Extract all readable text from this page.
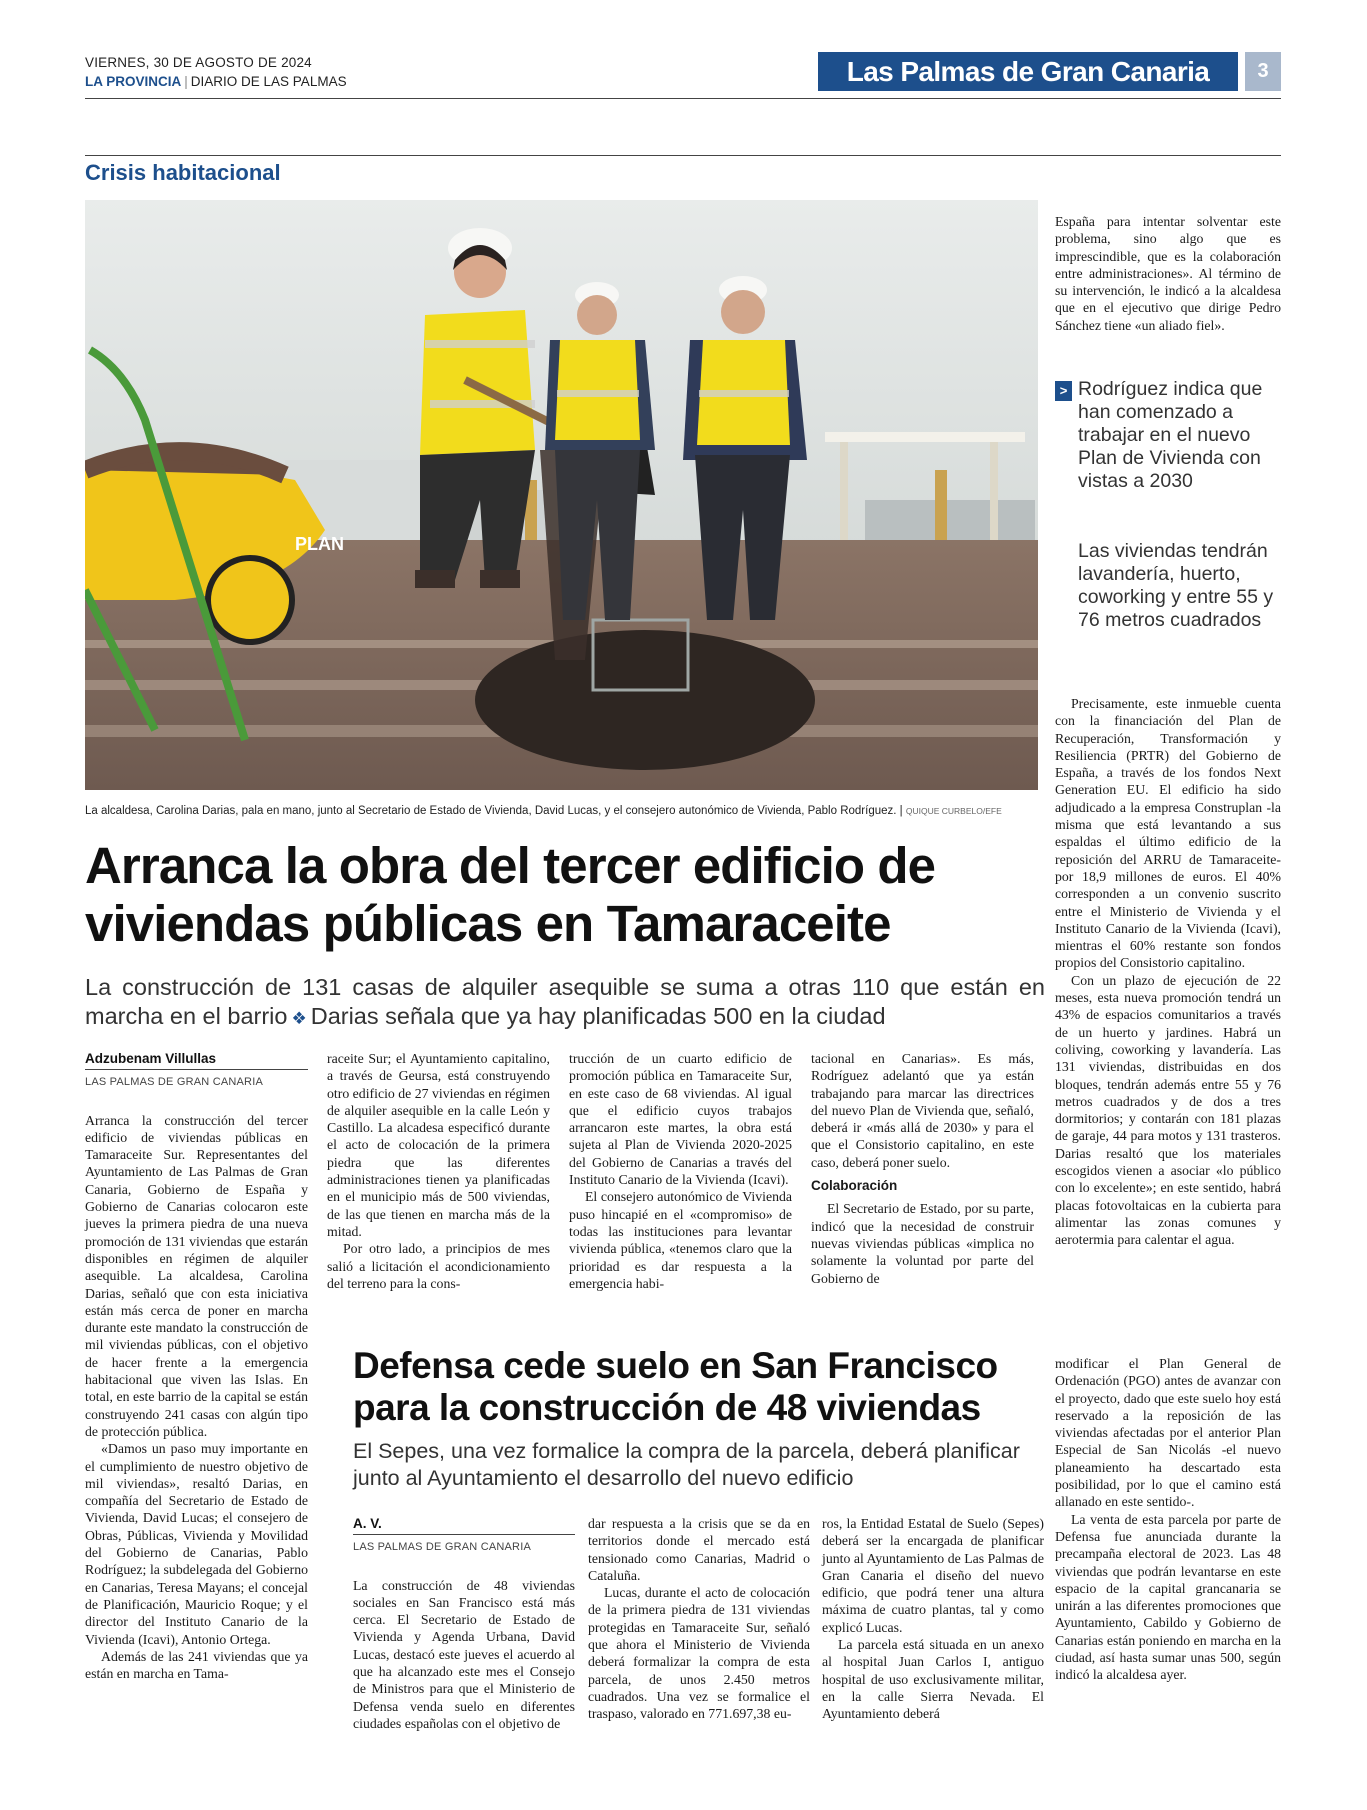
VIERNES, 30 DE AGOSTO DE 2024
LA PROVINCIA | DIARIO DE LAS PALMAS	Las Palmas de Gran Canaria	3
Crisis habitacional
PLAN
La alcaldesa, Carolina Darias, pala en mano, junto al Secretario de Estado de Vivienda, David Lucas, y el consejero autonómico de Vivienda, Pablo Rodríguez. | QUIQUE CURBELO/EFE
Arranca la obra del tercer edificio de viviendas públicas en Tamaraceite
La construcción de 131 casas de alquiler asequible se suma a otras 110 que están en marcha en el barrio ❖ Darias señala que ya hay planificadas 500 en la ciudad
Adzubenam Villullas
LAS PALMAS DE GRAN CANARIA

Arranca la construcción del tercer edificio de viviendas públicas en Tamaraceite Sur. Representantes del Ayuntamiento de Las Palmas de Gran Canaria, Gobierno de España y Gobierno de Canarias colocaron este jueves la primera piedra de una nueva promoción de 131 viviendas que estarán disponibles en régimen de alquiler asequible. La alcaldesa, Carolina Darias, señaló que con esta iniciativa están más cerca de poner en marcha durante este mandato la construcción de mil viviendas públicas, con el objetivo de hacer frente a la emergencia habitacional que viven las Islas. En total, en este barrio de la capital se están construyendo 241 casas con algún tipo de protección pública.

«Damos un paso muy importante en el cumplimiento de nuestro objetivo de mil viviendas», resaltó Darias, en compañía del Secretario de Estado de Vivienda, David Lucas; el consejero de Obras, Públicas, Vivienda y Movilidad del Gobierno de Canarias, Pablo Rodríguez; la subdelegada del Gobierno en Canarias, Teresa Mayans; el concejal de Planificación, Mauricio Roque; y el director del Instituto Canario de la Vivienda (Icavi), Antonio Ortega.

Además de las 241 viviendas que ya están en marcha en Tama-

raceite Sur; el Ayuntamiento capitalino, a través de Geursa, está construyendo otro edificio de 27 viviendas en régimen de alquiler asequible en la calle León y Castillo. La alcadesa especificó durante el acto de colocación de la primera piedra que las diferentes administraciones tienen ya planificadas en el municipio más de 500 viviendas, de las que tienen en marcha más de la mitad.

Por otro lado, a principios de mes salió a licitación el acondicionamiento del terreno para la cons-

trucción de un cuarto edificio de promoción pública en Tamaraceite Sur, en este caso de 68 viviendas. Al igual que el edificio cuyos trabajos arrancaron este martes, la obra está sujeta al Plan de Vivienda 2020-2025 del Gobierno de Canarias a través del Instituto Canario de la Vivienda (Icavi).

El consejero autonómico de Vivienda puso hincapié en el «compromiso» de todas las instituciones para levantar vivienda pública, «tenemos claro que la prioridad es dar respuesta a la emergencia habi-

tacional en Canarias». Es más, Rodríguez adelantó que ya están trabajando para marcar las directrices del nuevo Plan de Vivienda que, señaló, deberá ir «más allá de 2030» y para el que el Consistorio capitalino, en este caso, deberá poner suelo.

Colaboración

El Secretario de Estado, por su parte, indicó que la necesidad de construir nuevas viviendas públicas «implica no solamente la voluntad por parte del Gobierno de

España para intentar solventar este problema, sino algo que es imprescindible, que es la colaboración entre administraciones». Al término de su intervención, le indicó a la alcaldesa que en el ejecutivo que dirige Pedro Sánchez tiene «un aliado fiel».

> Rodríguez indica que han comenzado a trabajar en el nuevo Plan de Vivienda con vistas a 2030
Las viviendas tendrán lavandería, huerto, coworking y entre 55 y 76 metros cuadrados

Precisamente, este inmueble cuenta con la financiación del Plan de Recuperación, Transformación y Resiliencia (PRTR) del Gobierno de España, a través de los fondos Next Generation EU. El edificio ha sido adjudicado a la empresa Construplan -la misma que está levantando a sus espaldas el último edificio de la reposición del ARRU de Tamaraceite- por 18,9 millones de euros. El 40% corresponden a un convenio suscrito entre el Ministerio de Vivienda y el Instituto Canario de la Vivienda (Icavi), mientras el 60% restante son fondos propios del Consistorio capitalino.

Con un plazo de ejecución de 22 meses, esta nueva promoción tendrá un 43% de espacios comunitarios a través de un huerto y jardines. Habrá un coliving, coworking y lavandería. Las 131 viviendas, distribuidas en dos bloques, tendrán además entre 55 y 76 metros cuadrados y de dos a tres dormitorios; y contarán con 181 plazas de garaje, 44 para motos y 131 trasteros. Darias resaltó que los materiales escogidos vienen a asociar «lo público con lo excelente»; en este sentido, habrá placas fotovoltaicas en la cubierta para alimentar las zonas comunes y aerotermia para calentar el agua.

Defensa cede suelo en San Francisco para la construcción de 48 viviendas
El Sepes, una vez formalice la compra de la parcela, deberá planificar junto al Ayuntamiento el desarrollo del nuevo edificio
A. V.
LAS PALMAS DE GRAN CANARIA

La construcción de 48 viviendas sociales en San Francisco está más cerca. El Secretario de Estado de Vivienda y Agenda Urbana, David Lucas, destacó este jueves el acuerdo al que ha alcanzado este mes el Consejo de Ministros para que el Ministerio de Defensa venda suelo en diferentes ciudades españolas con el objetivo de

dar respuesta a la crisis que se da en territorios donde el mercado está tensionado como Canarias, Madrid o Cataluña.

Lucas, durante el acto de colocación de la primera piedra de 131 viviendas protegidas en Tamaraceite Sur, señaló que ahora el Ministerio de Vivienda deberá formalizar la compra de esta parcela, de unos 2.450 metros cuadrados. Una vez se formalice el traspaso, valorado en 771.697,38 eu-

ros, la Entidad Estatal de Suelo (Sepes) deberá ser la encargada de planificar junto al Ayuntamiento de Las Palmas de Gran Canaria el diseño del nuevo edificio, que podrá tener una altura máxima de cuatro plantas, tal y como explicó Lucas.

La parcela está situada en un anexo al hospital Juan Carlos I, antiguo hospital de uso exclusivamente militar, en la calle Sierra Nevada. El Ayuntamiento deberá

modificar el Plan General de Ordenación (PGO) antes de avanzar con el proyecto, dado que este suelo hoy está reservado a la reposición de las viviendas afectadas por el anterior Plan Especial de San Nicolás -el nuevo planeamiento ha descartado esta posibilidad, por lo que el camino está allanado en este sentido-.

La venta de esta parcela por parte de Defensa fue anunciada durante la precampaña electoral de 2023. Las 48 viviendas que podrán levantarse en este espacio de la capital grancanaria se unirán a las diferentes promociones que Ayuntamiento, Cabildo y Gobierno de Canarias están poniendo en marcha en la ciudad, así hasta sumar unas 500, según indicó la alcaldesa ayer.
